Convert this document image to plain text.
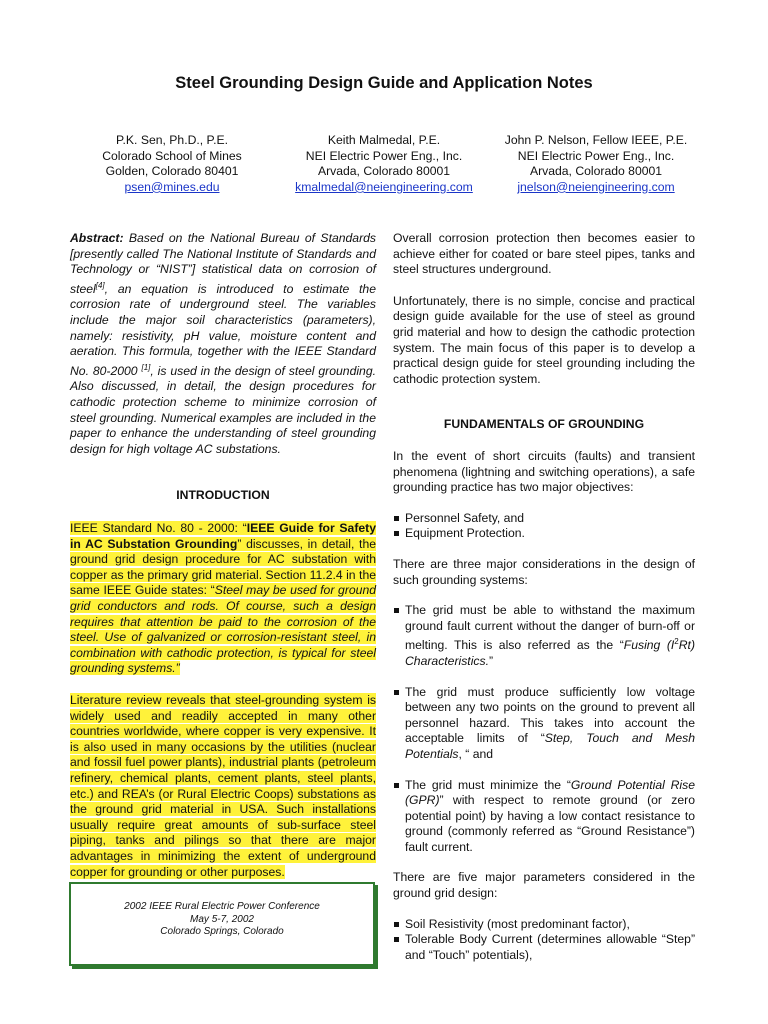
Steel Grounding Design Guide and Application Notes
P.K. Sen, Ph.D., P.E.
Colorado School of Mines
Golden, Colorado 80401
psen@mines.edu
Keith Malmedal, P.E.
NEI Electric Power Eng., Inc.
Arvada, Colorado 80001
kmalmedal@neiengineering.com
John P. Nelson, Fellow IEEE, P.E.
NEI Electric Power Eng., Inc.
Arvada, Colorado 80001
jnelson@neiengineering.com

Abstract: Based on the National Bureau of Standards [presently called The National Institute of Standards and Technology or “NIST”] statistical data on corrosion of steel[4], an equation is introduced to estimate the corrosion rate of underground steel. The variables include the major soil characteristics (parameters), namely: resistivity, pH value, moisture content and aeration. This formula, together with the IEEE Standard No. 80-2000 [1], is used in the design of steel grounding. Also discussed, in detail, the design procedures for cathodic protection scheme to minimize corrosion of steel grounding. Numerical examples are included in the paper to enhance the understanding of steel grounding design for high voltage AC substations.

INTRODUCTION

IEEE Standard No. 80 - 2000: “IEEE Guide for Safety in AC Substation Grounding” discusses, in detail, the ground grid design procedure for AC substation with copper as the primary grid material. Section 11.2.4 in the same IEEE Guide states: “Steel may be used for ground grid conductors and rods. Of course, such a design requires that attention be paid to the corrosion of the steel. Use of galvanized or corrosion-resistant steel, in combination with cathodic protection, is typical for steel grounding systems.”

Literature review reveals that steel-grounding system is widely used and readily accepted in many other countries worldwide, where copper is very expensive. It is also used in many occasions by the utilities (nuclear and fossil fuel power plants), industrial plants (petroleum refinery, chemical plants, cement plants, steel plants, etc.) and REA’s (or Rural Electric Coops) substations as the ground grid material in USA. Such installations usually require great amounts of sub-surface steel piping, tanks and pilings so that there are major advantages in minimizing the extent of underground copper for grounding or other purposes.

2002 IEEE Rural Electric Power Conference
May 5-7, 2002
Colorado Springs, Colorado

Overall corrosion protection then becomes easier to achieve either for coated or bare steel pipes, tanks and steel structures underground.

Unfortunately, there is no simple, concise and practical design guide available for the use of steel as ground grid material and how to design the cathodic protection system. The main focus of this paper is to develop a practical design guide for steel grounding including the cathodic protection system.

FUNDAMENTALS OF GROUNDING

In the event of short circuits (faults) and transient phenomena (lightning and switching operations), a safe grounding practice has two major objectives:

Personnel Safety, and
Equipment Protection.

There are three major considerations in the design of such grounding systems:

The grid must be able to withstand the maximum ground fault current without the danger of burn-off or melting. This is also referred as the “Fusing $(I^2Rt)$ Characteristics.”
The grid must produce sufficiently low voltage between any two points on the ground to prevent all personnel hazard. This takes into account the acceptable limits of “Step, Touch and Mesh Potentials, “ and
The grid must minimize the “Ground Potential Rise (GPR)” with respect to remote ground (or zero potential point) by having a low contact resistance to ground (commonly referred as “Ground Resistance”) fault current.

There are five major parameters considered in the ground grid design:

Soil Resistivity (most predominant factor),
Tolerable Body Current (determines allowable “Step” and “Touch” potentials),
